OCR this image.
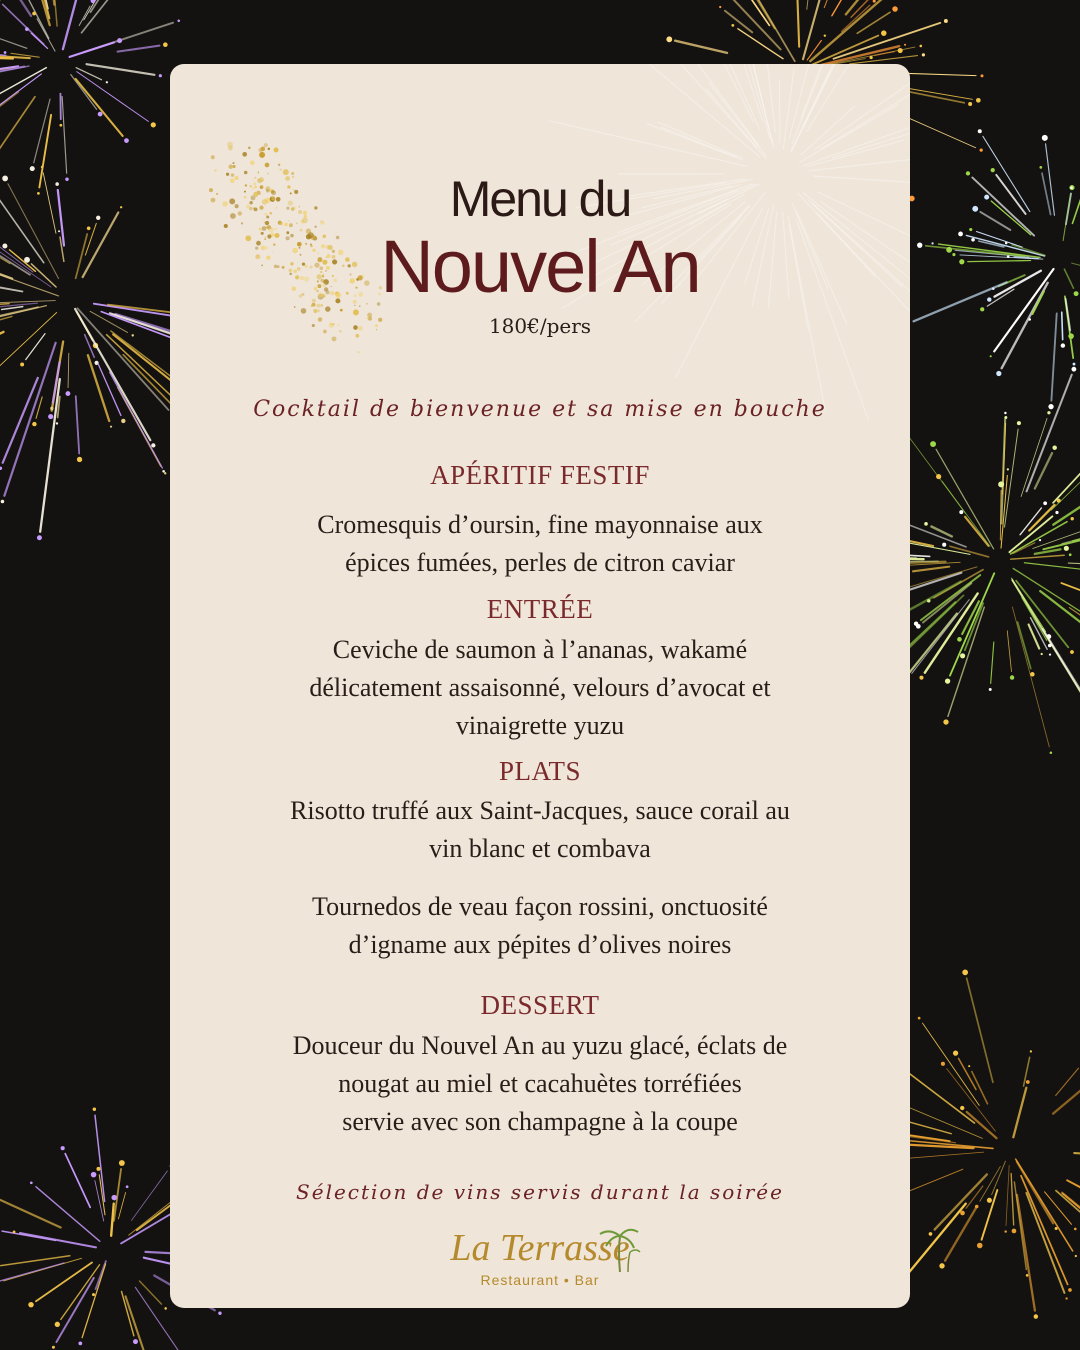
Menu du
Nouvel An
180€/pers
Cocktail de bienvenue et sa mise en bouche
APÉRITIF FESTIF
Cromesquis d’oursin, fine mayonnaise aux
épices fumées, perles de citron caviar
ENTRÉE
Ceviche de saumon à l’ananas, wakamé
délicatement assaisonné, velours d’avocat et
vinaigrette yuzu
PLATS
Risotto truffé aux Saint-Jacques, sauce corail au
vin blanc et combava
Tournedos de veau façon rossini, onctuosité
d’igname aux pépites d’olives noires
DESSERT
Douceur du Nouvel An au yuzu glacé, éclats de
nougat au miel et cacahuètes torréfiées
servie avec son champagne à la coupe
Sélection de vins servis durant la soirée
La Terrasse
Restaurant • Bar
